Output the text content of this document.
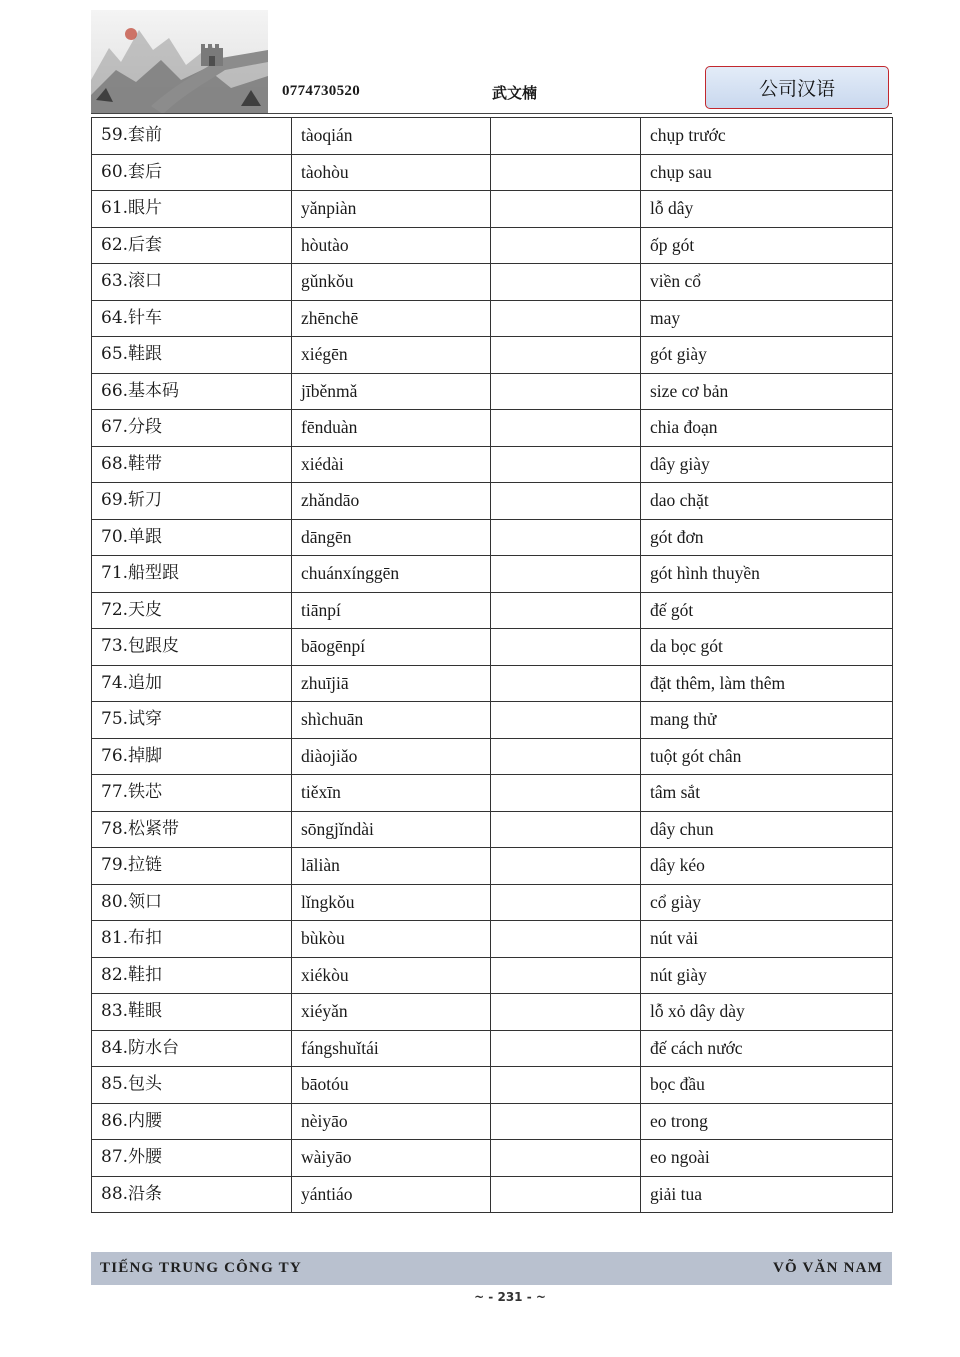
0774730520	武文楠	公司汉语
59.套前	tàoqián		chụp trước
60.套后	tàohòu		chụp sau
61.眼片	yǎnpiàn		lỗ dây
62.后套	hòutào		ốp gót
63.滚口	gǔnkǒu		viền cổ
64.针车	zhēnchē		may
65.鞋跟	xiégēn		gót giày
66.基本码	jīběnmǎ		size cơ bản
67.分段	fēnduàn		chia đoạn
68.鞋带	xiédài		dây giày
69.斩刀	zhǎndāo		dao chặt
70.单跟	dāngēn		gót đơn
71.船型跟	chuánxínggēn		gót hình thuyền
72.天皮	tiānpí		đế gót
73.包跟皮	bāogēnpí		da bọc gót
74.追加	zhuījiā		đặt thêm, làm thêm
75.试穿	shìchuān		mang thử
76.掉脚	diàojiǎo		tuột gót chân
77.铁芯	tiěxīn		tâm sắt
78.松紧带	sōngjǐndài		dây chun
79.拉链	lāliàn		dây kéo
80.领口	lǐngkǒu		cổ giày
81.布扣	bùkòu		nút vải
82.鞋扣	xiékòu		nút giày
83.鞋眼	xiéyǎn		lỗ xỏ dây dày
84.防水台	fángshuǐtái		đế cách nước
85.包头	bāotóu		bọc đầu
86.内腰	nèiyāo		eo trong
87.外腰	wàiyāo		eo ngoài
88.沿条	yántiáo		giải tua
TIẾNG TRUNG CÔNG TY	VÕ VĂN NAM
~ - 231 - ~
